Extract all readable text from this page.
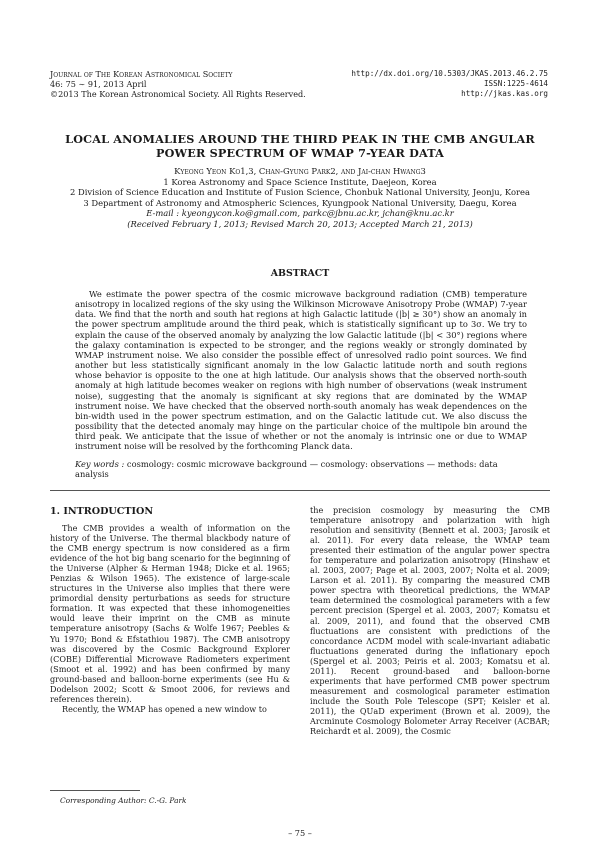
Journal of The Korean Astronomical Society
46: 75 ∼ 91, 2013 April
©2013 The Korean Astronomical Society. All Rights Reserved.
http://dx.doi.org/10.5303/JKAS.2013.46.2.75
ISSN:1225-4614
http://jkas.kas.org
LOCAL ANOMALIES AROUND THE THIRD PEAK IN THE CMB ANGULAR POWER SPECTRUM OF WMAP 7-YEAR DATA
Kyeong Yeon Ko1,3, Chan-Gyung Park2, and Jai-chan Hwang3
1 Korea Astronomy and Space Science Institute, Daejeon, Korea
2 Division of Science Education and Institute of Fusion Science, Chonbuk National University, Jeonju, Korea
3 Department of Astronomy and Atmospheric Sciences, Kyungpook National University, Daegu, Korea
E-mail : kyeongycon.ko@gmail.com, parkc@jbnu.ac.kr, jchan@knu.ac.kr
(Received February 1, 2013; Revised March 20, 2013; Accepted March 21, 2013)
ABSTRACT
We estimate the power spectra of the cosmic microwave background radiation (CMB) temperature anisotropy in localized regions of the sky using the Wilkinson Microwave Anisotropy Probe (WMAP) 7-year data. We find that the north and south hat regions at high Galactic latitude (|b| ≥ 30°) show an anomaly in the power spectrum amplitude around the third peak, which is statistically significant up to 3σ. We try to explain the cause of the observed anomaly by analyzing the low Galactic latitude (|b| < 30°) regions where the galaxy contamination is expected to be stronger, and the regions weakly or strongly dominated by WMAP instrument noise. We also consider the possible effect of unresolved radio point sources. We find another but less statistically significant anomaly in the low Galactic latitude north and south regions whose behavior is opposite to the one at high latitude. Our analysis shows that the observed north-south anomaly at high latitude becomes weaker on regions with high number of observations (weak instrument noise), suggesting that the anomaly is significant at sky regions that are dominated by the WMAP instrument noise. We have checked that the observed north-south anomaly has weak dependences on the bin-width used in the power spectrum estimation, and on the Galactic latitude cut. We also discuss the possibility that the detected anomaly may hinge on the particular choice of the multipole bin around the third peak. We anticipate that the issue of whether or not the anomaly is intrinsic one or due to WMAP instrument noise will be resolved by the forthcoming Planck data.
Key words : cosmology: cosmic microwave background — cosmology: observations — methods: data analysis
1. INTRODUCTION

The CMB provides a wealth of information on the history of the Universe. The thermal blackbody nature of the CMB energy spectrum is now considered as a firm evidence of the hot big bang scenario for the beginning of the Universe (Alpher & Herman 1948; Dicke et al. 1965; Penzias & Wilson 1965). The existence of large-scale structures in the Universe also implies that there were primordial density perturbations as seeds for structure formation. It was expected that these inhomogeneities would leave their imprint on the CMB as minute temperature anisotropy (Sachs & Wolfe 1967; Peebles & Yu 1970; Bond & Efstathiou 1987). The CMB anisotropy was discovered by the Cosmic Background Explorer (COBE) Differential Microwave Radiometers experiment (Smoot et al. 1992) and has been confirmed by many ground-based and balloon-borne experiments (see Hu & Dodelson 2002; Scott & Smoot 2006, for reviews and references therein).

Recently, the WMAP has opened a new window to

the precision cosmology by measuring the CMB temperature anisotropy and polarization with high resolution and sensitivity (Bennett et al. 2003; Jarosik et al. 2011). For every data release, the WMAP team presented their estimation of the angular power spectra for temperature and polarization anisotropy (Hinshaw et al. 2003, 2007; Page et al. 2003, 2007; Nolta et al. 2009; Larson et al. 2011). By comparing the measured CMB power spectra with theoretical predictions, the WMAP team determined the cosmological parameters with a few percent precision (Spergel et al. 2003, 2007; Komatsu et al. 2009, 2011), and found that the observed CMB fluctuations are consistent with predictions of the concordance ΛCDM model with scale-invariant adiabatic fluctuations generated during the inflationary epoch (Spergel et al. 2003; Peiris et al. 2003; Komatsu et al. 2011). Recent ground-based and balloon-borne experiments that have performed CMB power spectrum measurement and cosmological parameter estimation include the South Pole Telescope (SPT; Keisler et al. 2011), the QUaD experiment (Brown et al. 2009), the Arcminute Cosmology Bolometer Array Receiver (ACBAR; Reichardt et al. 2009), the Cosmic

Corresponding Author: C.-G. Park
– 75 –
